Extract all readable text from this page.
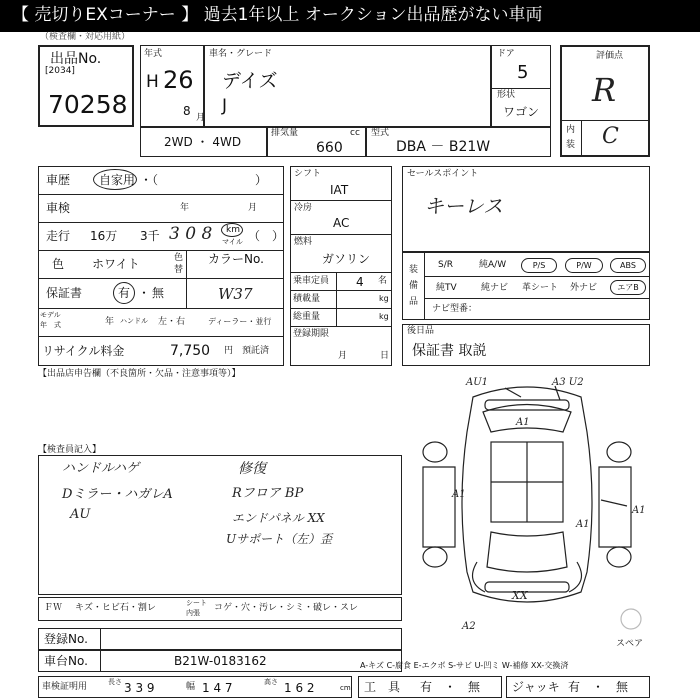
【 売切りEXコーナー 】 過去1年以上 オークション出品歴がない車両
（検査欄・対応用紙）
出品No.
[2034]
70258
年式
H 26
8 月
車名・グレード
デイズ
J
ドア
5
形状
ワゴン
評価点
R
内
装 C
2WD ・ 4WD
排気量	cc
660
型式
DBA － B21W
車歴 自家用 ・（	）
車検	年	月
走行 16万 3千 3 0 8 km
マイル （　）
色 ホワイト	色
替
カラーNo.
W37
保証書	有 ・ 無
モデル
年　式	年 ハンドル 左・右	ディーラー・並行
リサイクル料金	7,750 円 預託済
シフト
IAT
冷房
AC
燃料
ガソリン
乗車定員 4 名
積載量	kg
総重量	kg
登録期限
月	日
セールスポイント
キーレス
装
備
品
S/R	純A/W	P/S	P/W	ABS
純TV	純ナビ 革シート 外ナビ	エアB
ナビ型番：
後日品
保証書 取説
【出品店申告欄（不良箇所・欠品・注意事項等）】
【検査員記入】
ハンドルハゲ
Dミラー・ハガレA
AU
修復
Rフロア BP
エンドパネル XX
Uサポート（左）歪
AU1	A3 U2
A1
A1
A1
A1
XX
A2
スペア
ＦＷ キズ・ヒビ石・割レ	シート
内張 コゲ・穴・汚レ・シミ・破レ・スレ
登録No.
車台No.	B21W-0183162	A-キズ C-腐食 E-エクボ S-サビ U-凹ミ W-補修 XX-交換済
車検証明用	長さ 3 3 9	幅 1 4 7	高さ 1 6 2	cm 工　具 有　・　無	ジャッキ 有　・　無
